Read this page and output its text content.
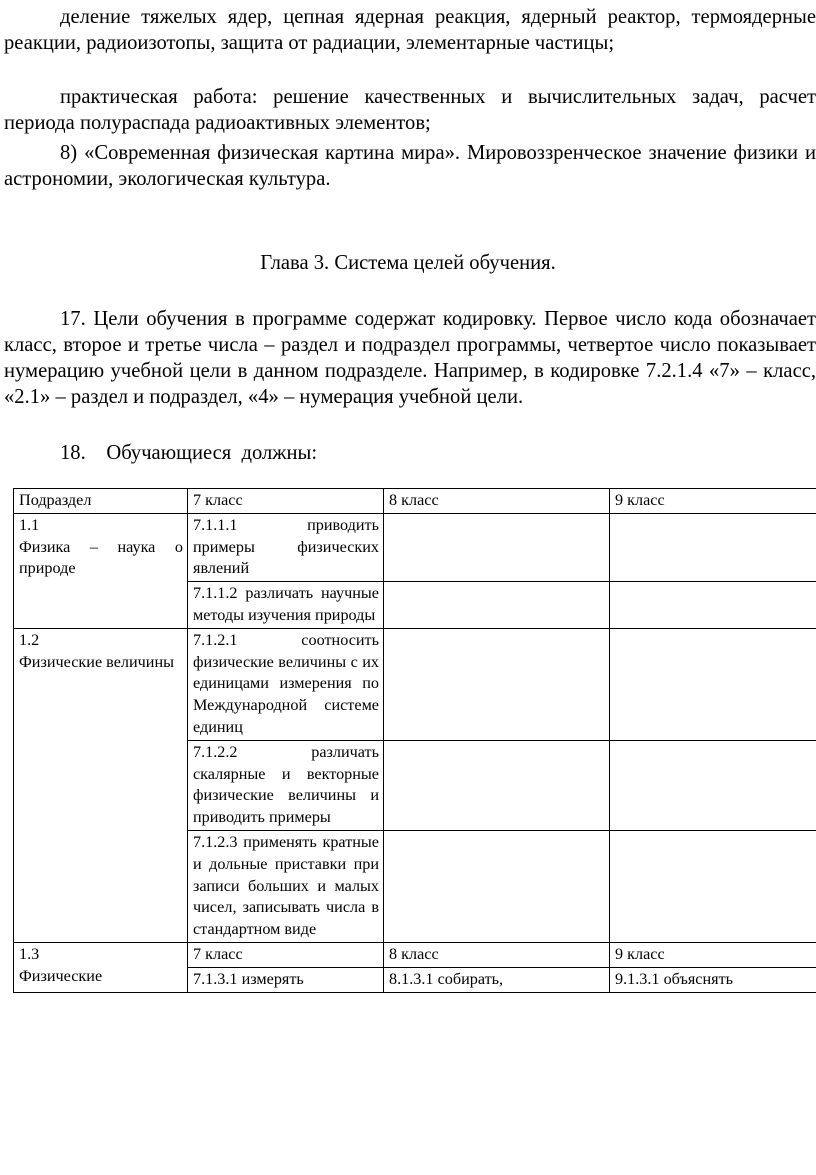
деление тяжелых ядер, цепная ядерная реакция, ядерный реактор, термоядерные реакции, радиоизотопы, защита от радиации, элементарные частицы;

практическая работа: решение качественных и вычислительных задач, расчет периода полураспада радиоактивных элементов;

8) «Современная физическая картина мира». Мировоззренческое значение физики и астрономии, экологическая культура.

Глава 3. Система целей обучения.

17. Цели обучения в программе содержат кодировку. Первое число кода обозначает класс, второе и третье числа – раздел и подраздел программы, четвертое число показывает нумерацию учебной цели в данном подразделе. Например, в кодировке 7.2.1.4 «7» – класс, «2.1» – раздел и подраздел, «4» – нумерация учебной цели.

18.    Обучающиеся  должны:

Подраздел	7 класс	8 класс	9 класс

1.1
Физика – наука о природе	7.1.1.1 приводить примеры физических явлений		
	7.1.1.2 различать научные методы изучения природы		

1.2
Физические величины	7.1.2.1 соотносить физические величины с их единицами измерения по Международной системе единиц		
	7.1.2.2 различать скалярные и векторные физические величины и приводить примеры		
	7.1.2.3 применять кратные и дольные приставки при записи больших и малых чисел, записывать числа в стандартном виде		

1.3
Физические	7 класс	8 класс	9 класс
	7.1.3.1 измерять	8.1.3.1 собирать,	9.1.3.1 объяснять
